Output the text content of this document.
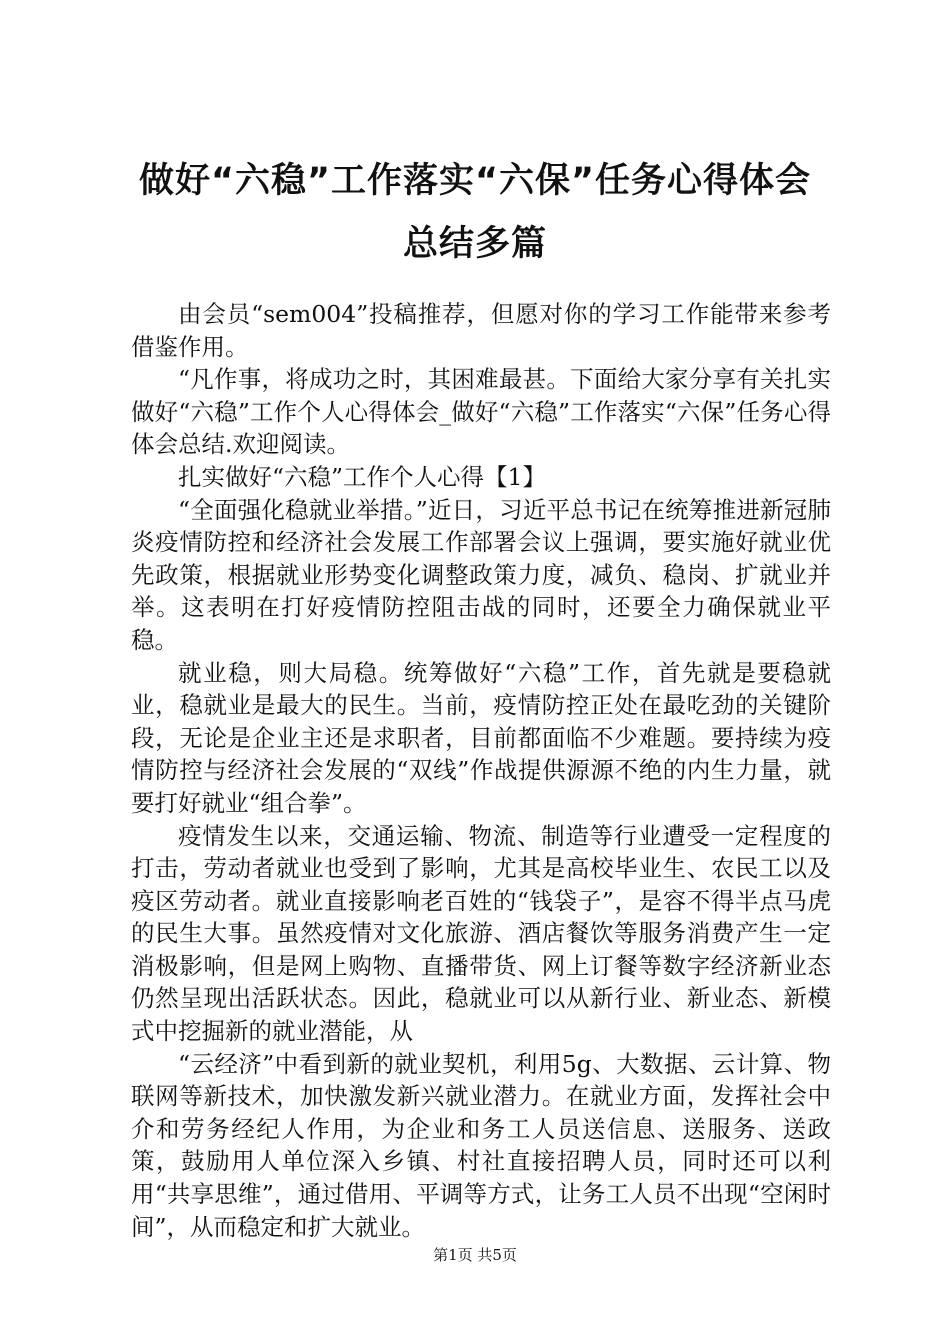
做好“六稳”工作落实“六保”任务心得体会
总结多篇

由会员“sem004”投稿推荐，但愿对你的学习工作能带来参考借鉴作用。

“凡作事，将成功之时，其困难最甚。下面给大家分享有关扎实做好“六稳”工作个人心得体会_做好“六稳”工作落实“六保”任务心得体会总结.欢迎阅读。

扎实做好“六稳”工作个人心得【1】

“全面强化稳就业举措。”近日，习近平总书记在统筹推进新冠肺炎疫情防控和经济社会发展工作部署会议上强调，要实施好就业优先政策，根据就业形势变化调整政策力度，减负、稳岗、扩就业并举。这表明在打好疫情防控阻击战的同时，还要全力确保就业平稳。

就业稳，则大局稳。统筹做好“六稳”工作，首先就是要稳就业，稳就业是最大的民生。当前，疫情防控正处在最吃劲的关键阶段，无论是企业主还是求职者，目前都面临不少难题。要持续为疫情防控与经济社会发展的“双线”作战提供源源不绝的内生力量，就要打好就业“组合拳”。

疫情发生以来，交通运输、物流、制造等行业遭受一定程度的打击，劳动者就业也受到了影响，尤其是高校毕业生、农民工以及疫区劳动者。就业直接影响老百姓的“钱袋子”，是容不得半点马虎的民生大事。虽然疫情对文化旅游、酒店餐饮等服务消费产生一定消极影响，但是网上购物、直播带货、网上订餐等数字经济新业态仍然呈现出活跃状态。因此，稳就业可以从新行业、新业态、新模式中挖掘新的就业潜能，从

“云经济”中看到新的就业契机，利用5g、大数据、云计算、物联网等新技术，加快激发新兴就业潜力。在就业方面，发挥社会中介和劳务经纪人作用，为企业和务工人员送信息、送服务、送政策，鼓励用人单位深入乡镇、村社直接招聘人员，同时还可以利用“共享思维”，通过借用、平调等方式，让务工人员不出现“空闲时间”，从而稳定和扩大就业。

第1页 共5页
